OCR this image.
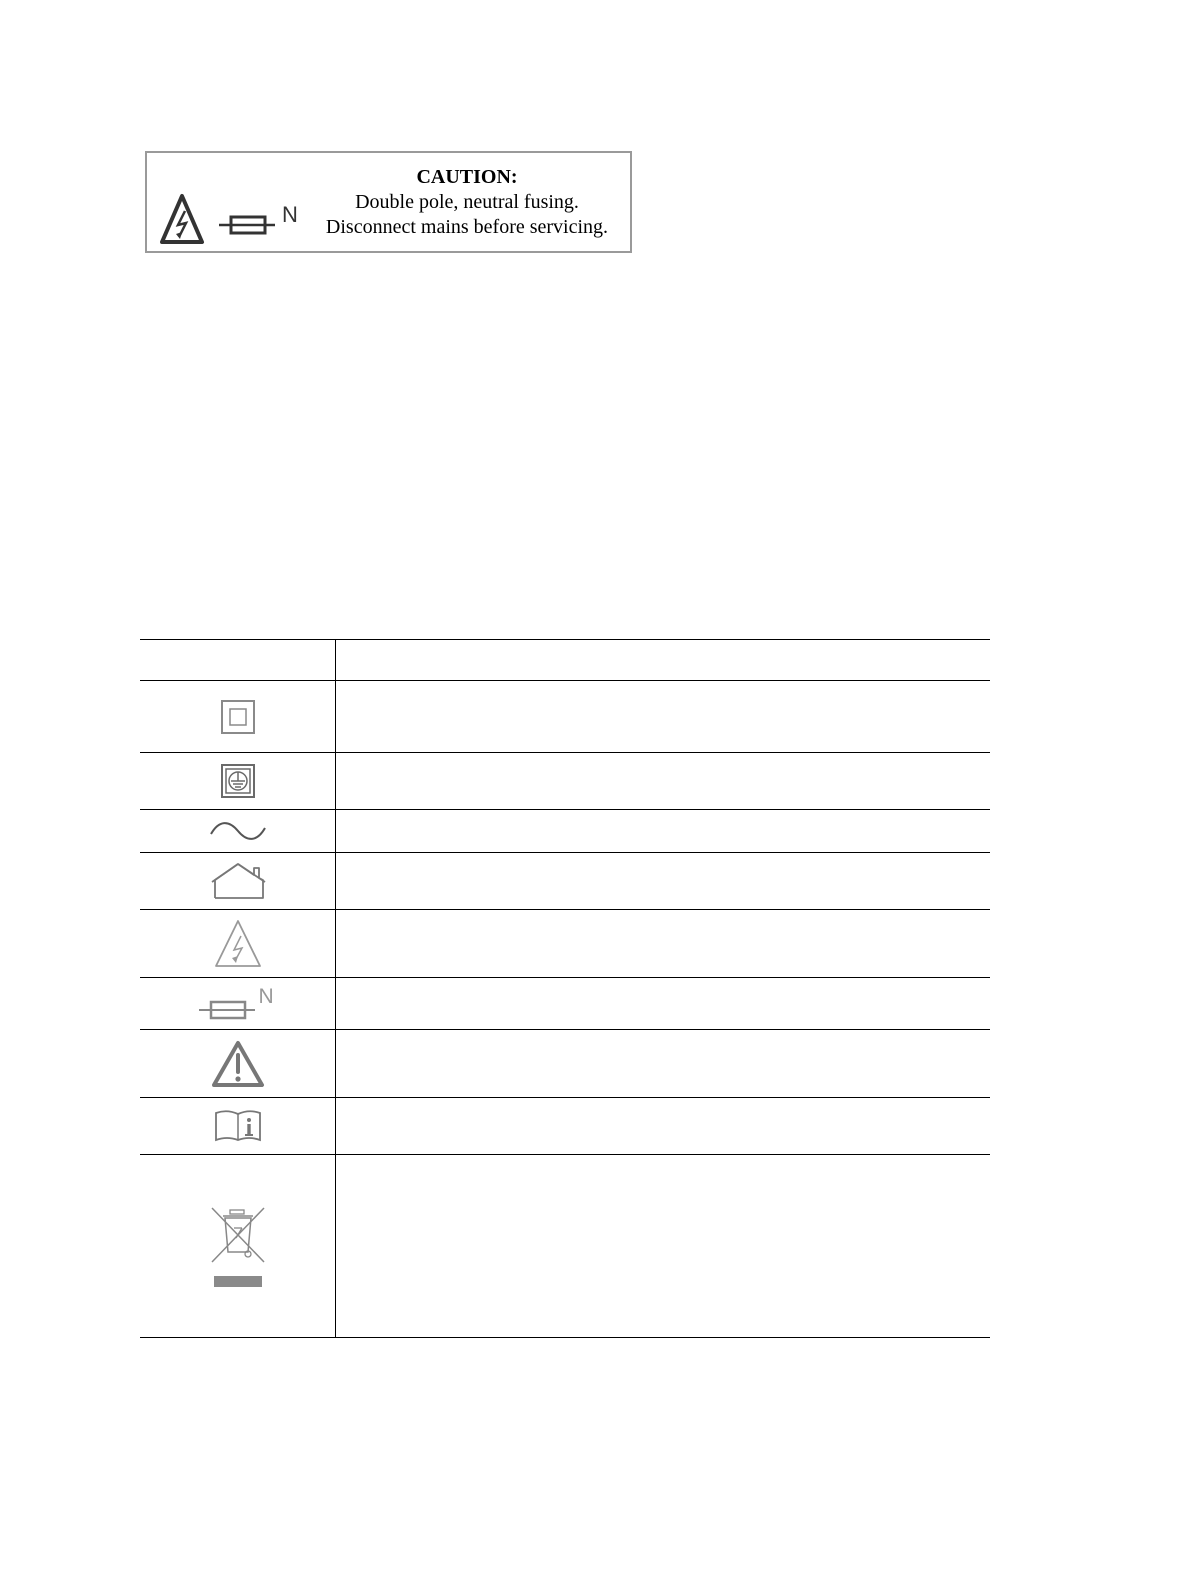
N
CAUTION:
Double pole, neutral fusing.
Disconnect mains before servicing.

N	
